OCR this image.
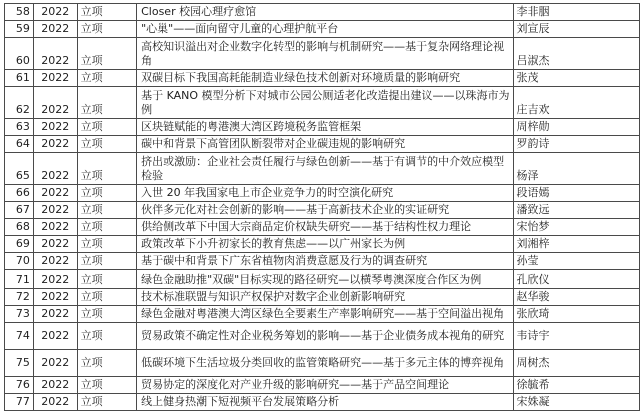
58	2022	立项	Closer 校园心理疗愈馆	李非胭
59	2022	立项	"心巢"——面向留守儿童的心理护航平台	刘宣辰
60	2022	立项	高校知识溢出对企业数字化转型的影响与机制研究——基于复杂网络理论视
角	吕淑杰
61	2022	立项	双碳目标下我国高耗能制造业绿色技术创新对环境质量的影响研究	张茂
62	2022	立项	基于 KANO 模型分析下对城市公园公厕适老化改造提出建议——以珠海市为
例	庄吉欢
63	2022	立项	区块链赋能的粤港澳大湾区跨境税务监管框架	周梓勋
64	2022	立项	碳中和背景下高管团队断裂带对企业碳违规的影响研究	罗韵诗
65	2022	立项	挤出或激励：企业社会责任履行与绿色创新——基于有调节的中介效应模型
检验	杨泽
66	2022	立项	入世 20 年我国家电上市企业竞争力的时空演化研究	段语嫣
67	2022	立项	伙伴多元化对社会创新的影响——基于高新技术企业的实证研究	潘致远
68	2022	立项	供给侧改革下中国大宗商品定价权缺失研究——基于结构性权力理论	宋怡梦
69	2022	立项	政策改革下小升初家长的教育焦虑——以广州家长为例	刘湘梓
70	2022	立项	基于碳中和背景下广东省植物肉消费意愿及行为的调查研究	孙莹
71	2022	立项	绿色金融助推"双碳"目标实现的路径研究—以横琴粤澳深度合作区为例	孔欣仪
72	2022	立项	技术标准联盟与知识产权保护对数字企业创新影响研究	赵华骏
73	2022	立项	绿色金融对粤港澳大湾区绿色全要素生产率影响研究——基于空间溢出视角	张欣琦
74	2022	立项	贸易政策不确定性对企业税务筹划的影响——基于企业债务成本视角的研究	韦诗宇
75	2022	立项	低碳环境下生活垃圾分类回收的监管策略研究——基于多元主体的博弈视角	周树杰
76	2022	立项	贸易协定的深度化对产业升级的影响研究——基于产品空间理论	徐毓希
77	2022	立项	线上健身热潮下短视频平台发展策略分析	宋姝凝
